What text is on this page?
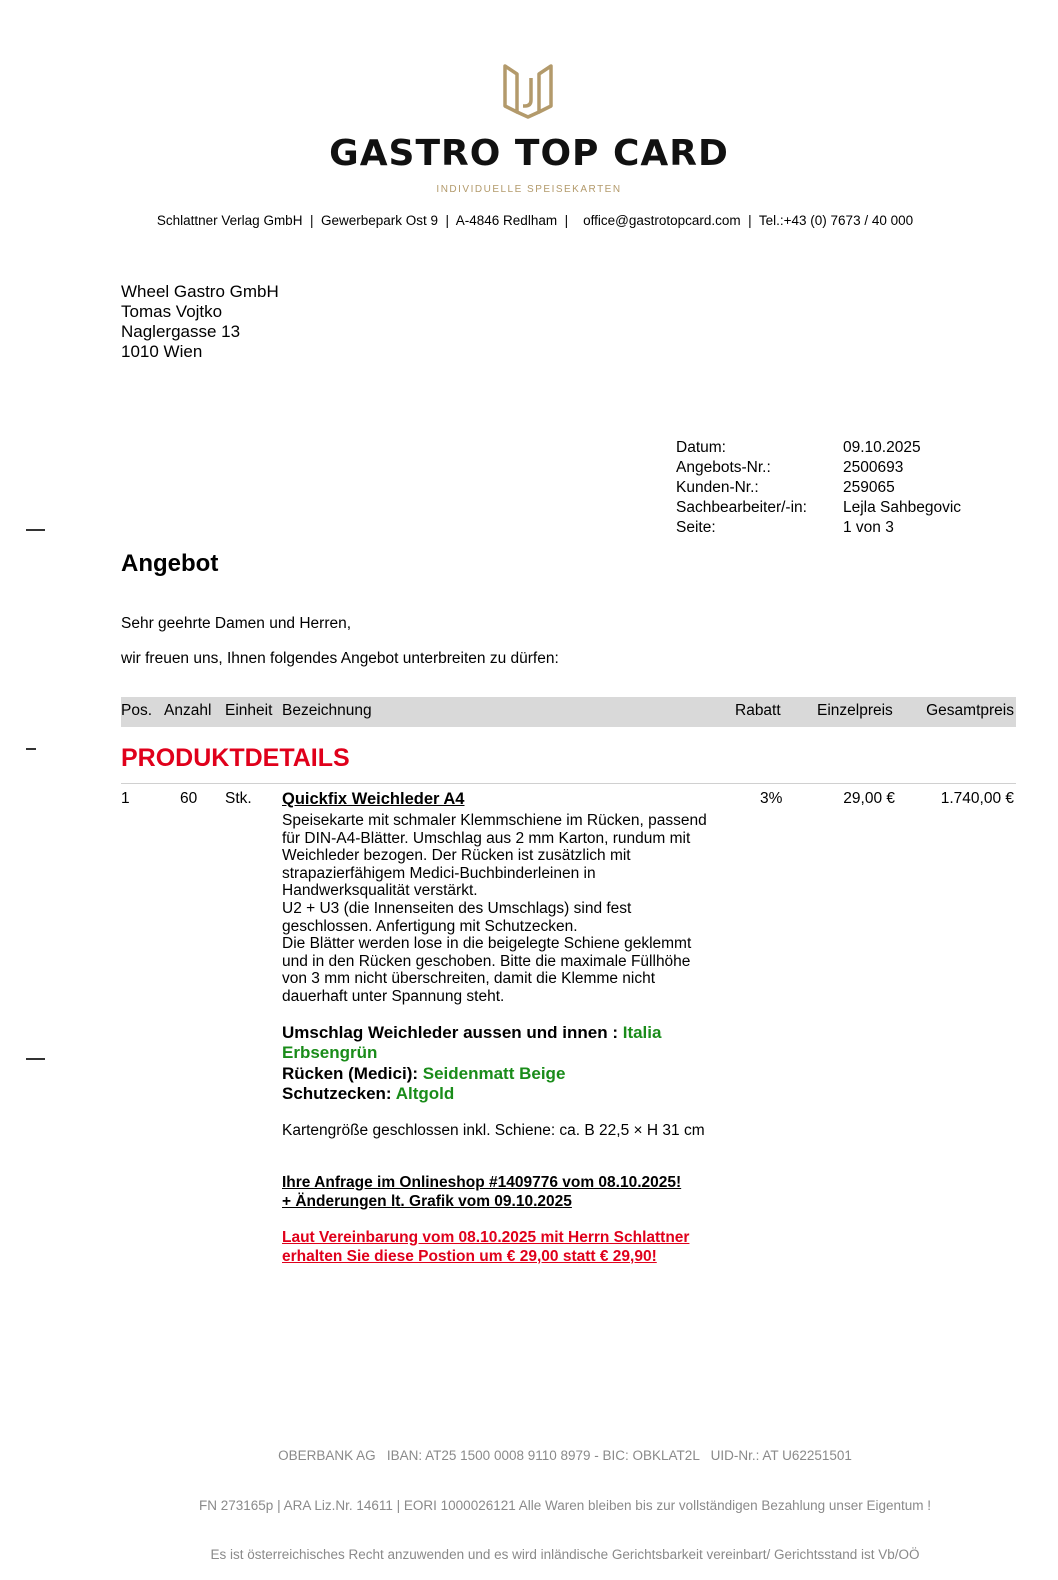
GASTRO TOP CARD
INDIVIDUELLE SPEISEKARTEN
Schlattner Verlag GmbH  |  Gewerbepark Ost 9  |  A-4846 Redlham  |    office@gastrotopcard.com  |  Tel.:+43 (0) 7673 / 40 000
Wheel Gastro GmbH
Tomas Vojtko
Naglergasse 13
1010 Wien
Datum:	09.10.2025
Angebots-Nr.:	2500693
Kunden-Nr.:	259065
Sachbearbeiter/-in:	Lejla Sahbegovic
Seite:	1 von 3
Angebot
Sehr geehrte Damen und Herren,
wir freuen uns, Ihnen folgendes Angebot unterbreiten zu dürfen:
Pos. Anzahl Einheit Bezeichnung	Rabatt Einzelpreis Gesamtpreis
PRODUKTDETAILS
1	60 Stk.	3%	29,00 €	1.740,00 €
Quickfix Weichleder A4
Speisekarte mit schmaler Klemmschiene im Rücken, passend
für DIN-A4-Blätter. Umschlag aus 2 mm Karton, rundum mit
Weichleder bezogen. Der Rücken ist zusätzlich mit
strapazierfähigem Medici-Buchbinderleinen in
Handwerksqualität verstärkt.
U2 + U3 (die Innenseiten des Umschlags) sind fest
geschlossen. Anfertigung mit Schutzecken.
Die Blätter werden lose in die beigelegte Schiene geklemmt
und in den Rücken geschoben. Bitte die maximale Füllhöhe
von 3 mm nicht überschreiten, damit die Klemme nicht
dauerhaft unter Spannung steht.
Umschlag Weichleder aussen und innen : Italia
Erbsengrün
Rücken (Medici): Seidenmatt Beige
Schutzecken: Altgold
Kartengröße geschlossen inkl. Schiene: ca. B 22,5 × H 31 cm
Ihre Anfrage im Onlineshop #1409776 vom 08.10.2025!
+ Änderungen lt. Grafik vom 09.10.2025
Laut Vereinbarung vom 08.10.2025 mit Herrn Schlattner
erhalten Sie diese Postion um € 29,00 statt € 29,90!

OBERBANK AG   IBAN: AT25 1500 0008 9110 8979 - BIC: OBKLAT2L   UID-Nr.: AT U62251501

FN 273165p | ARA Liz.Nr. 14611 | EORI 1000026121 Alle Waren bleiben bis zur vollständigen Bezahlung unser Eigentum !

Es ist österreichisches Recht anzuwenden und es wird inländische Gerichtsbarkeit vereinbart/ Gerichtsstand ist Vb/OÖ
